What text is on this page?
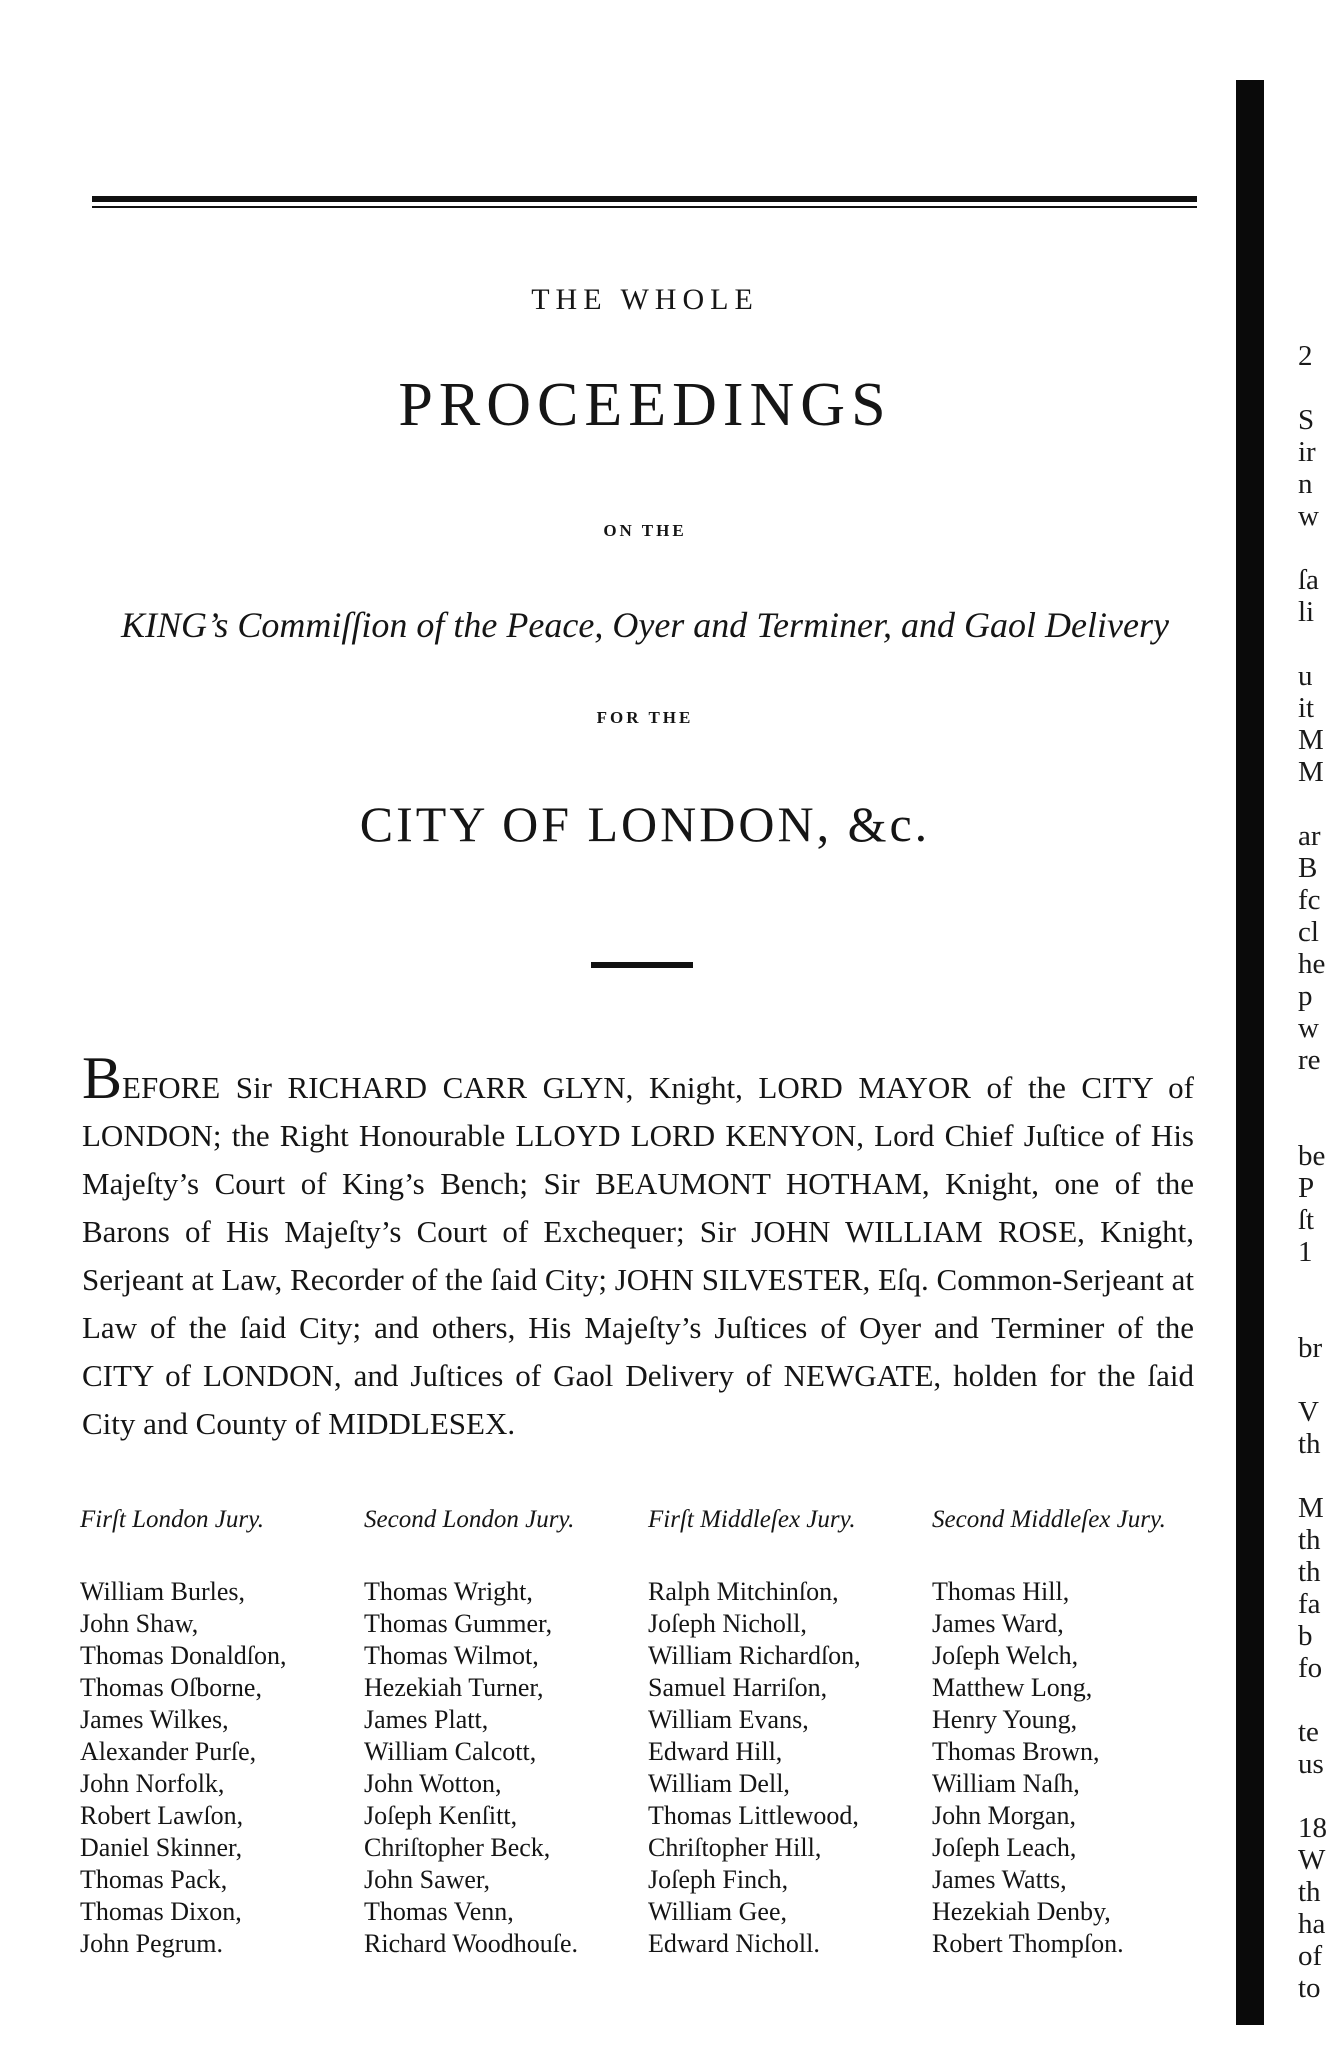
THE WHOLE
PROCEEDINGS
ON THE
KING’s Commiſſion of the Peace, Oyer and Terminer, and Gaol Delivery
FOR THE
CITY OF LONDON, &c.
BEFORE Sir RICHARD CARR GLYN, Knight, LORD MAYOR of the CITY of LONDON; the Right Honourable LLOYD LORD KENYON, Lord Chief Juſtice of His Majeſty’s Court of King’s Bench; Sir BEAUMONT HOTHAM, Knight, one of the Barons of His Majeſty’s Court of Exchequer; Sir JOHN WILLIAM ROSE, Knight, Serjeant at Law, Recorder of the ſaid City; JOHN SILVESTER, Eſq. Common-Serjeant at Law of the ſaid City; and others, His Majeſty’s Juſtices of Oyer and Terminer of the CITY of LONDON, and Juſtices of Gaol Delivery of NEWGATE, holden for the ſaid City and County of MIDDLESEX.
Firſt London Jury.
William Burles,
John Shaw,
Thomas Donaldſon,
Thomas Oſborne,
James Wilkes,
Alexander Purſe,
John Norfolk,
Robert Lawſon,
Daniel Skinner,
Thomas Pack,
Thomas Dixon,
John Pegrum.
Second London Jury.
Thomas Wright,
Thomas Gummer,
Thomas Wilmot,
Hezekiah Turner,
James Platt,
William Calcott,
John Wotton,
Joſeph Kenſitt,
Chriſtopher Beck,
John Sawer,
Thomas Venn,
Richard Woodhouſe.
Firſt Middleſex Jury.
Ralph Mitchinſon,
Joſeph Nicholl,
William Richardſon,
Samuel Harriſon,
William Evans,
Edward Hill,
William Dell,
Thomas Littlewood,
Chriſtopher Hill,
Joſeph Finch,
William Gee,
Edward Nicholl.
Second Middleſex Jury.
Thomas Hill,
James Ward,
Joſeph Welch,
Matthew Long,
Henry Young,
Thomas Brown,
William Naſh,
John Morgan,
Joſeph Leach,
James Watts,
Hezekiah Denby,
Robert Thompſon.
2

S
ir
n
w

ſa
li

u
it
M
M

ar
B
fc
cl
he
p
w
re

be
P
ſt
1

br

V
th

M
th
th
fa
b
fo

te
us

18
W
th
ha
of
to
